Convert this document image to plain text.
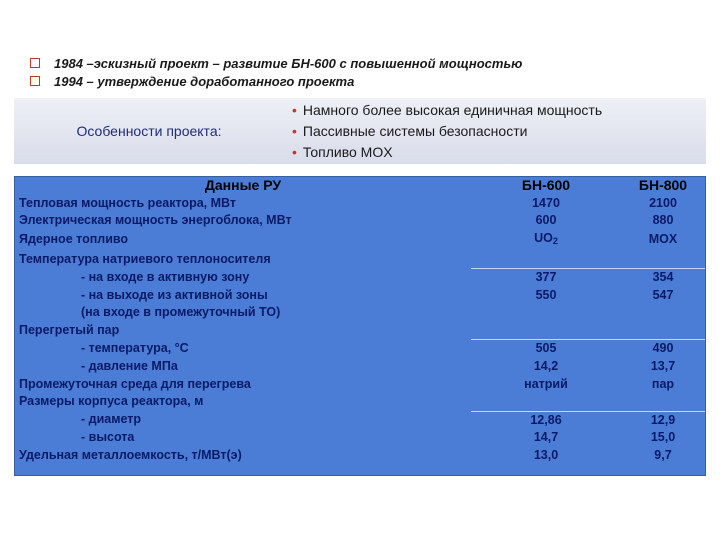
1984 –эскизный проект – развитие БН-600 с повышенной мощностью
1994 – утверждение доработанного проекта
Особенности проекта:
• Намного более высокая единичная мощность
• Пассивные системы безопасности
• Топливо MOX
Данные РУ	БН-600	БН-800
Тепловая мощность реактора, МВт	1470	2100
Электрическая мощность энергоблока, МВт	600	880
Ядерное топливо	UO2	MOX
Температура натриевого теплоносителя		
- на входе в активную зону	377	354
- на выходе из активной зоны	550	547
(на входе в промежуточный ТО)		
Перегретый пар		
- температура, °С	505	490
- давление МПа	14,2	13,7
Промежуточная среда для перегрева	натрий	пар
Размеры корпуса реактора, м		
- диаметр	12,86	12,9
- высота	14,7	15,0
Удельная металлоемкость, т/МВт(э)	13,0	9,7
